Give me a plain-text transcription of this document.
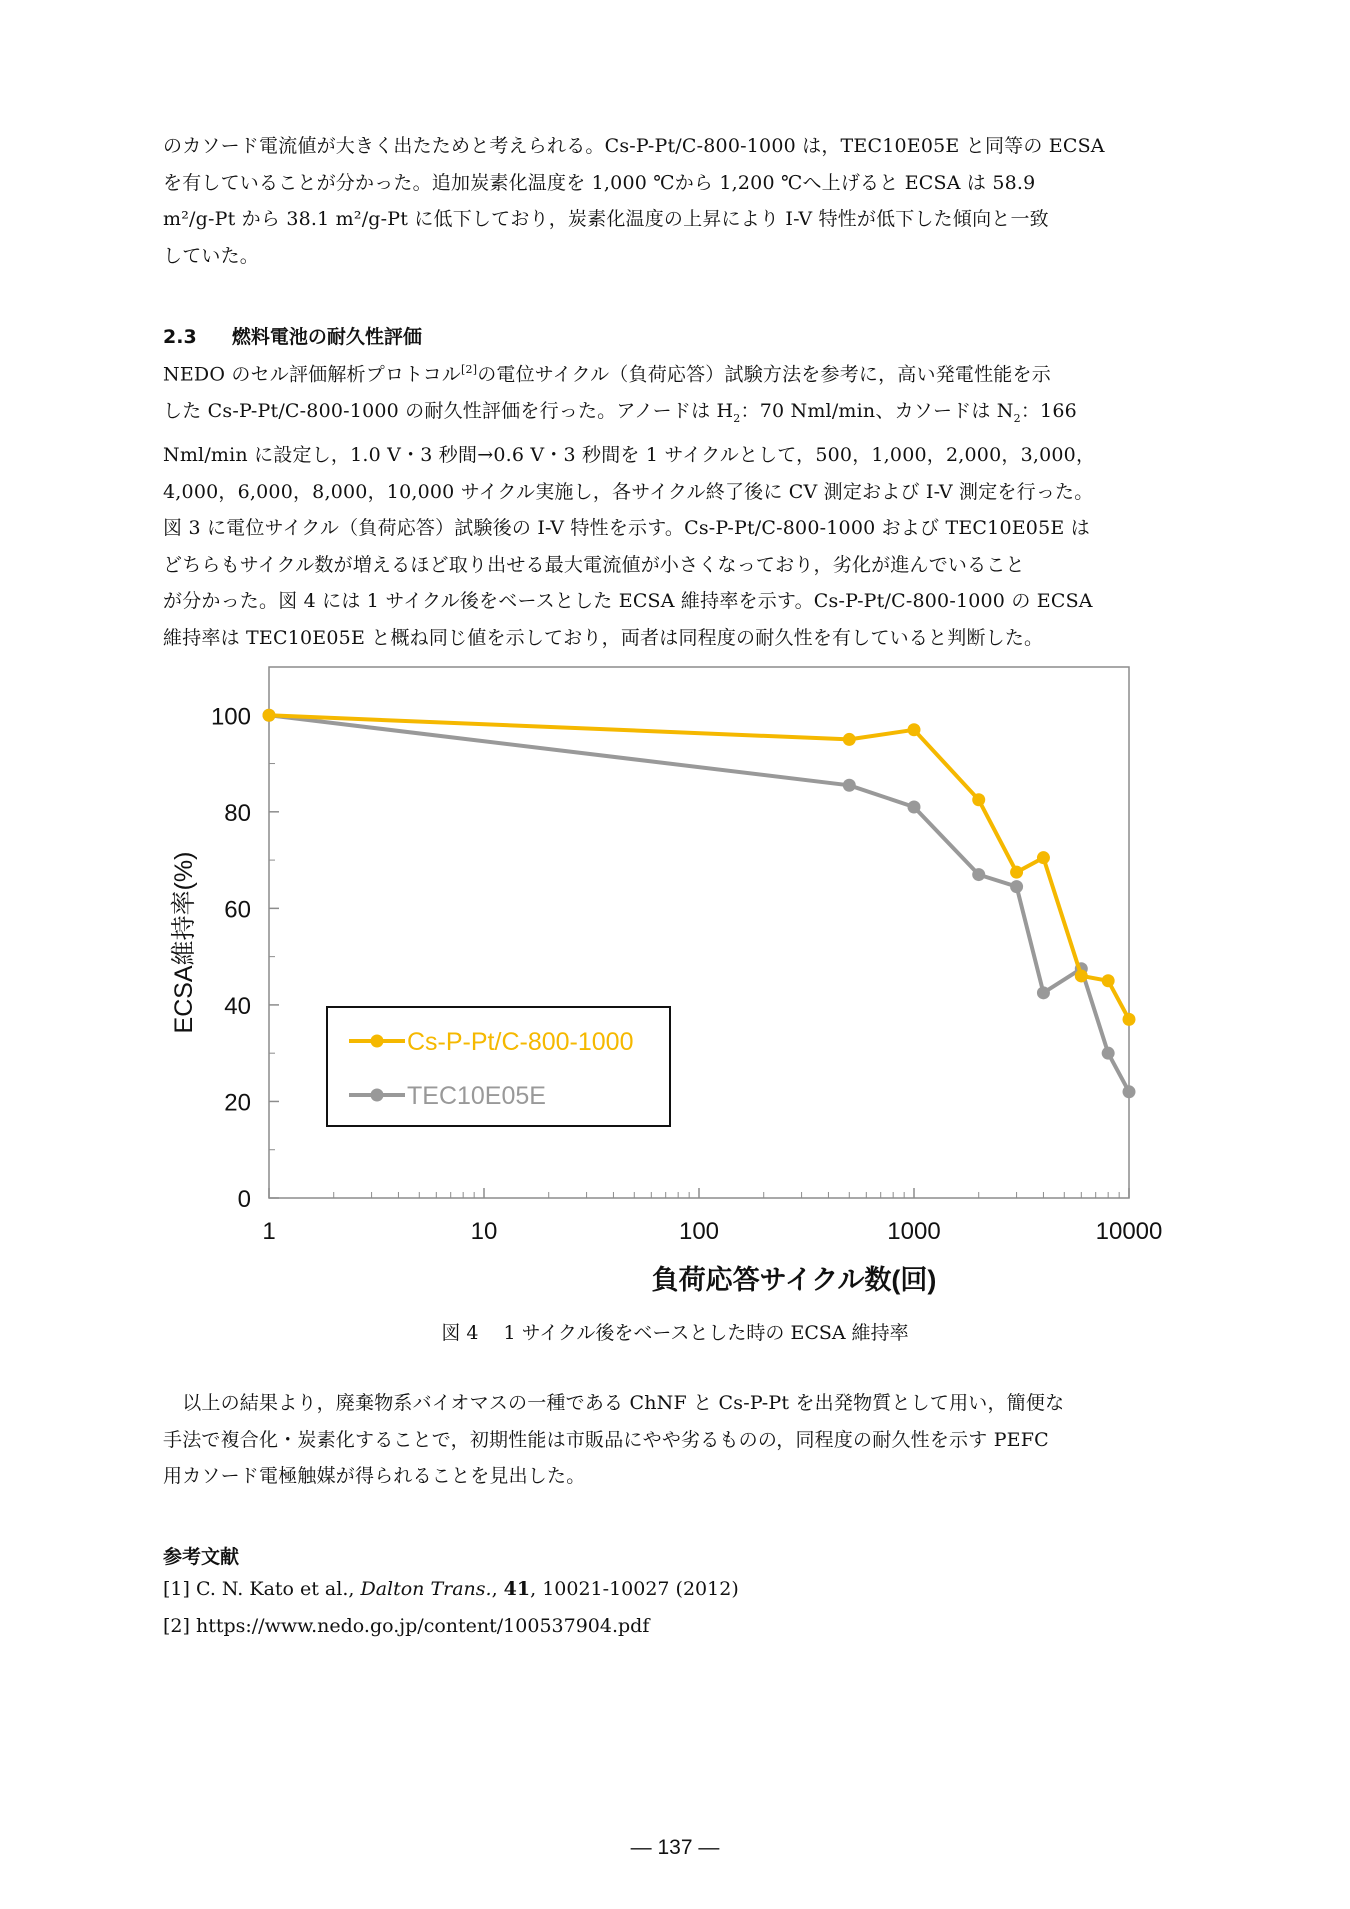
のカソード電流値が大きく出たためと考えられる。Cs-P-Pt/C-800-1000 は，TEC10E05E と同等の ECSA
を有していることが分かった。追加炭素化温度を 1,000 ℃から 1,200 ℃へ上げると ECSA は 58.9
m²/g-Pt から 38.1 m²/g-Pt に低下しており，炭素化温度の上昇により I-V 特性が低下した傾向と一致
していた。
2.3 燃料電池の耐久性評価
NEDO のセル評価解析プロトコル[2]の電位サイクル（負荷応答）試験方法を参考に，高い発電性能を示
した Cs-P-Pt/C-800-1000 の耐久性評価を行った。アノードは $H_2$：70 Nml/min、カソードは $N_2$：166
Nml/min に設定し，1.0 V・3 秒間→0.6 V・3 秒間を 1 サイクルとして，500，1,000，2,000，3,000，
4,000，6,000，8,000，10,000 サイクル実施し，各サイクル終了後に CV 測定および I-V 測定を行った。
図 3 に電位サイクル（負荷応答）試験後の I-V 特性を示す。Cs-P-Pt/C-800-1000 および TEC10E05E は
どちらもサイクル数が増えるほど取り出せる最大電流値が小さくなっており，劣化が進んでいること
が分かった。図 4 には 1 サイクル後をベースとした ECSA 維持率を示す。Cs-P-Pt/C-800-1000 の ECSA
維持率は TEC10E05E と概ね同じ値を示しており，両者は同程度の耐久性を有していると判断した。
1	10	100	1000	10000
0
20
40
60
80
100
Cs-P-Pt/C-800-1000
TEC10E05E
負荷応答サイクル数(回)
ECSA維持率(%)
図 4　 1 サイクル後をベースとした時の ECSA 維持率
　以上の結果より，廃棄物系バイオマスの一種である ChNF と Cs-P-Pt を出発物質として用い，簡便な
手法で複合化・炭素化することで，初期性能は市販品にやや劣るものの，同程度の耐久性を示す PEFC
用カソード電極触媒が得られることを見出した。
参考文献
[1] C. N. Kato et al., Dalton Trans., 41, 10021-10027 (2012)
[2] https://www.nedo.go.jp/content/100537904.pdf
— 137 —
